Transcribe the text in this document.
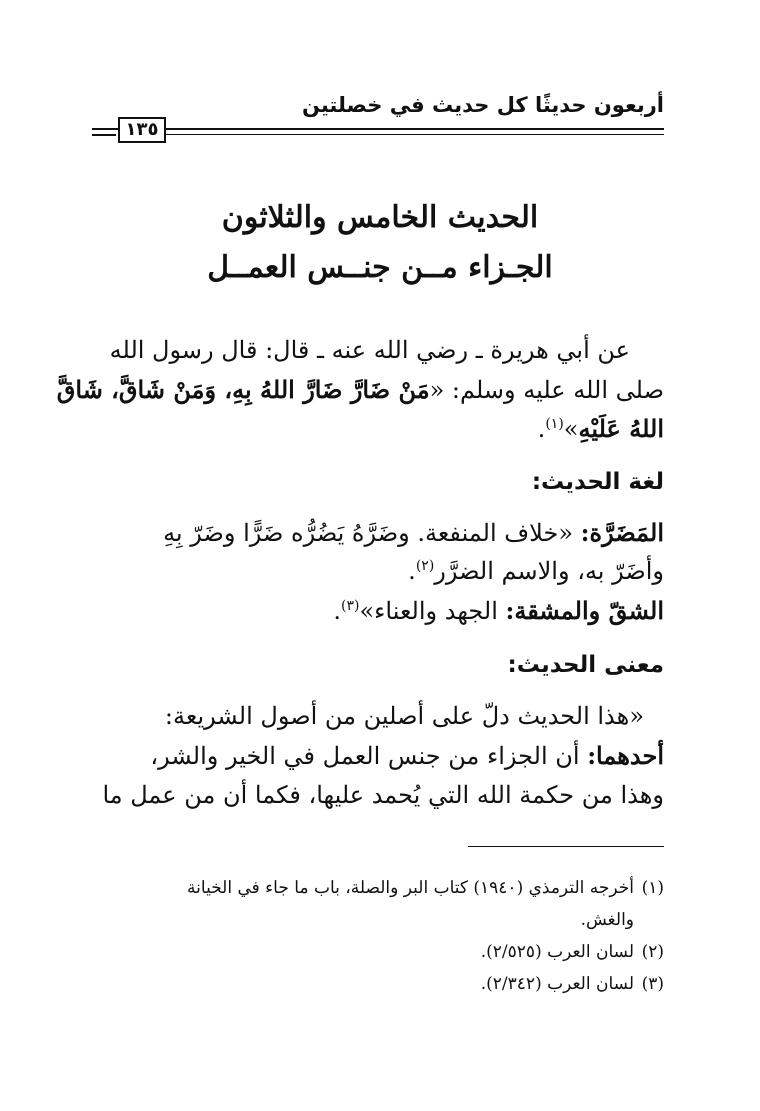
أربعون حديثًا كل حديث في خصلتين
١٣٥
الحديث الخامس والثلاثون
الجـزاء مــن جنــس العمــل
عن أبي هريرة ـ رضي الله عنه ـ قال: قال رسول الله
صلى الله عليه وسلم: «مَنْ ضَارَّ ضَارَّ اللهُ بِهِ، وَمَنْ شَاقَّ، شَاقَّ
اللهُ عَلَيْهِ»$^{(١)}$.
لغة الحديث:
المَضَرَّة: «خلاف المنفعة. وضَرَّهُ يَضُرُّه ضَرًّا وضَرّ بِهِ
وأضَرّ به، والاسم الضرَّر$^{(٢)}$.
الشقّ والمشقة: الجهد والعناء»$^{(٣)}$.
معنى الحديث:
«هذا الحديث دلّ على أصلين من أصول الشريعة:
أحدهما: أن الجزاء من جنس العمل في الخير والشر،
وهذا من حكمة الله التي يُحمد عليها، فكما أن من عمل ما
(١)أخرجه الترمذي (١٩٤٠) كتاب البر والصلة، باب ما جاء في الخيانة
والغش.
(٢)لسان العرب (٢/٥٢٥).
(٣)لسان العرب (٢/٣٤٢).
